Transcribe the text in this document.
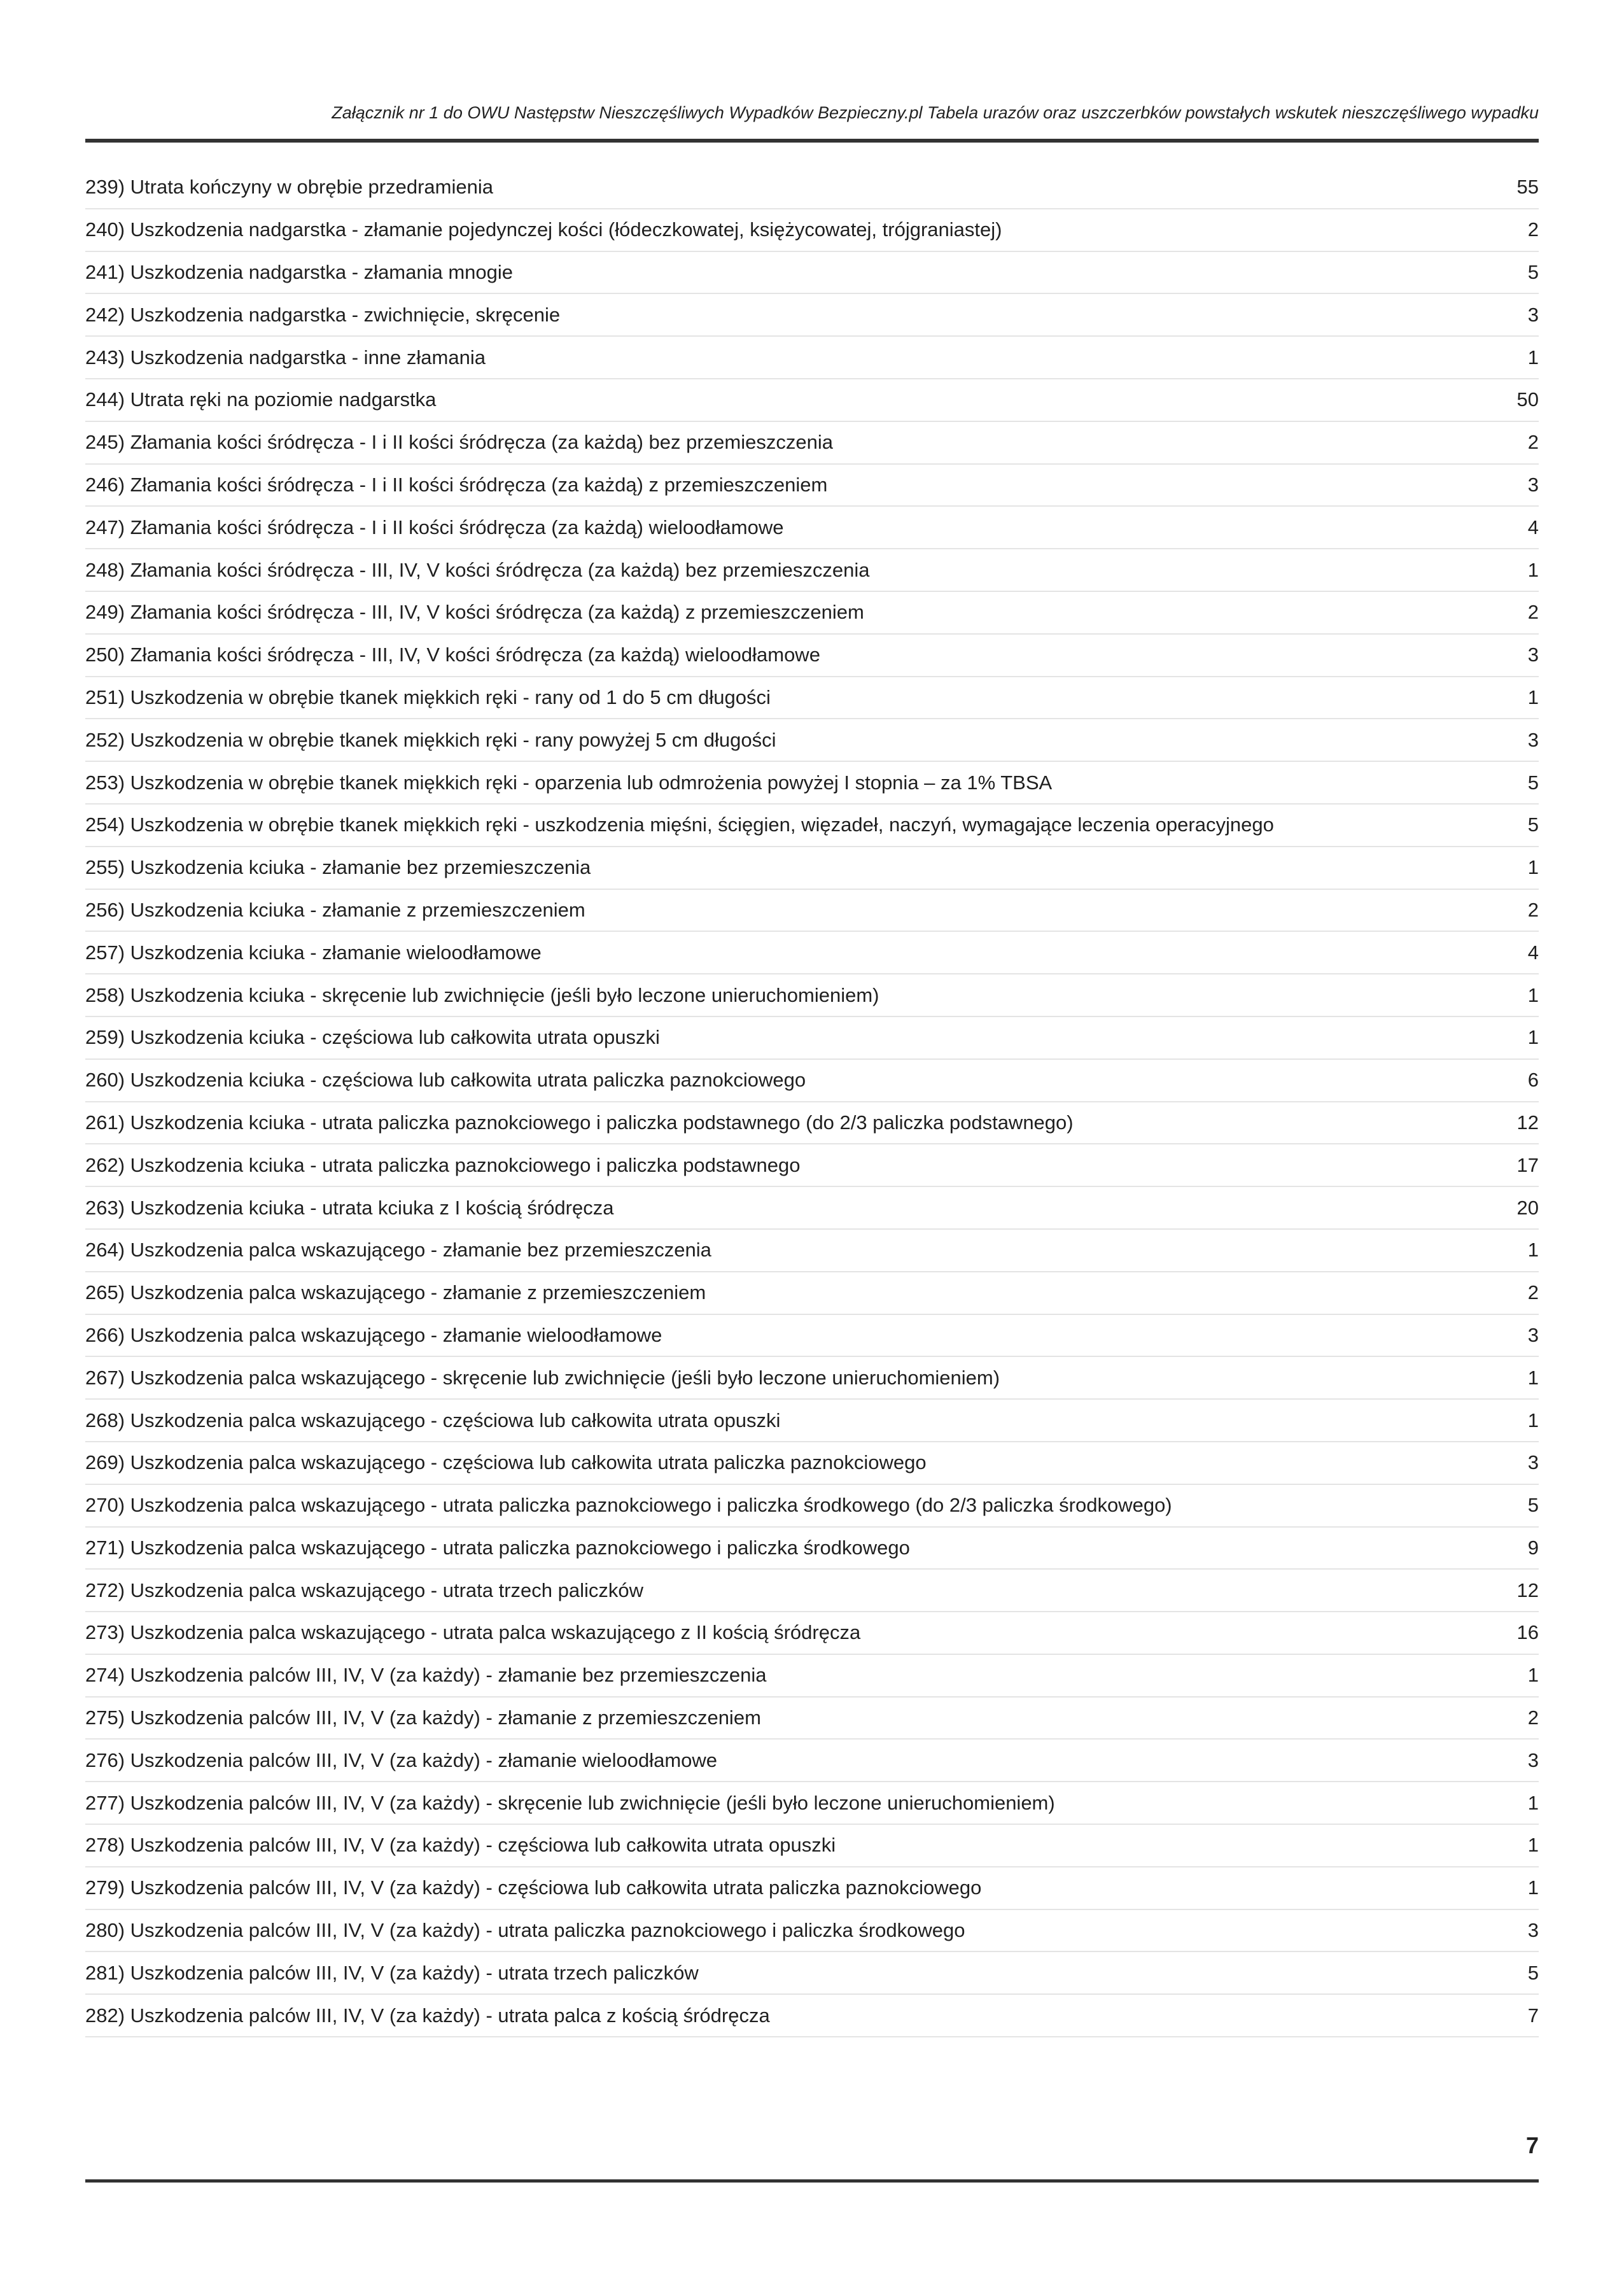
Załącznik nr 1 do OWU Następstw Nieszczęśliwych Wypadków Bezpieczny.pl Tabela urazów oraz uszczerbków powstałych wskutek nieszczęśliwego wypadku
239) Utrata kończyny w obrębie przedramienia	55
240) Uszkodzenia nadgarstka - złamanie pojedynczej kości (łódeczkowatej, księżycowatej, trójgraniastej)	2
241) Uszkodzenia nadgarstka - złamania mnogie	5
242) Uszkodzenia nadgarstka - zwichnięcie, skręcenie	3
243) Uszkodzenia nadgarstka - inne złamania	1
244) Utrata ręki na poziomie nadgarstka	50
245) Złamania kości śródręcza - I i II kości śródręcza (za każdą) bez przemieszczenia	2
246) Złamania kości śródręcza - I i II kości śródręcza (za każdą) z przemieszczeniem	3
247) Złamania kości śródręcza - I i II kości śródręcza (za każdą) wieloodłamowe	4
248) Złamania kości śródręcza - III, IV, V kości śródręcza (za każdą) bez przemieszczenia	1
249) Złamania kości śródręcza - III, IV, V kości śródręcza (za każdą) z przemieszczeniem	2
250) Złamania kości śródręcza - III, IV, V kości śródręcza (za każdą) wieloodłamowe	3
251) Uszkodzenia w obrębie tkanek miękkich ręki - rany od 1 do 5 cm długości	1
252) Uszkodzenia w obrębie tkanek miękkich ręki - rany powyżej 5 cm długości	3
253) Uszkodzenia w obrębie tkanek miękkich ręki - oparzenia lub odmrożenia powyżej I stopnia – za 1% TBSA	5
254) Uszkodzenia w obrębie tkanek miękkich ręki - uszkodzenia mięśni, ścięgien, więzadeł, naczyń, wymagające leczenia operacyjnego	5
255) Uszkodzenia kciuka - złamanie bez przemieszczenia	1
256) Uszkodzenia kciuka - złamanie z przemieszczeniem	2
257) Uszkodzenia kciuka - złamanie wieloodłamowe	4
258) Uszkodzenia kciuka - skręcenie lub zwichnięcie (jeśli było leczone unieruchomieniem)	1
259) Uszkodzenia kciuka - częściowa lub całkowita utrata opuszki	1
260) Uszkodzenia kciuka - częściowa lub całkowita utrata paliczka paznokciowego	6
261) Uszkodzenia kciuka - utrata paliczka paznokciowego i paliczka podstawnego (do 2/3 paliczka podstawnego)	12
262) Uszkodzenia kciuka - utrata paliczka paznokciowego i paliczka podstawnego	17
263) Uszkodzenia kciuka - utrata kciuka z I kością śródręcza	20
264) Uszkodzenia palca wskazującego - złamanie bez przemieszczenia	1
265) Uszkodzenia palca wskazującego - złamanie z przemieszczeniem	2
266) Uszkodzenia palca wskazującego - złamanie wieloodłamowe	3
267) Uszkodzenia palca wskazującego - skręcenie lub zwichnięcie (jeśli było leczone unieruchomieniem)	1
268) Uszkodzenia palca wskazującego - częściowa lub całkowita utrata opuszki	1
269) Uszkodzenia palca wskazującego - częściowa lub całkowita utrata paliczka paznokciowego	3
270) Uszkodzenia palca wskazującego - utrata paliczka paznokciowego i paliczka środkowego (do 2/3 paliczka środkowego)	5
271) Uszkodzenia palca wskazującego - utrata paliczka paznokciowego i paliczka środkowego	9
272) Uszkodzenia palca wskazującego - utrata trzech paliczków	12
273) Uszkodzenia palca wskazującego - utrata palca wskazującego z II kością śródręcza	16
274) Uszkodzenia palców III, IV, V (za każdy) - złamanie bez przemieszczenia	1
275) Uszkodzenia palców III, IV, V (za każdy) - złamanie z przemieszczeniem	2
276) Uszkodzenia palców III, IV, V (za każdy) - złamanie wieloodłamowe	3
277) Uszkodzenia palców III, IV, V (za każdy) - skręcenie lub zwichnięcie (jeśli było leczone unieruchomieniem)	1
278) Uszkodzenia palców III, IV, V (za każdy) - częściowa lub całkowita utrata opuszki	1
279) Uszkodzenia palców III, IV, V (za każdy) - częściowa lub całkowita utrata paliczka paznokciowego	1
280) Uszkodzenia palców III, IV, V (za każdy) - utrata paliczka paznokciowego i paliczka środkowego	3
281) Uszkodzenia palców III, IV, V (za każdy) - utrata trzech paliczków	5
282) Uszkodzenia palców III, IV, V (za każdy) - utrata palca z kością śródręcza	7
7
